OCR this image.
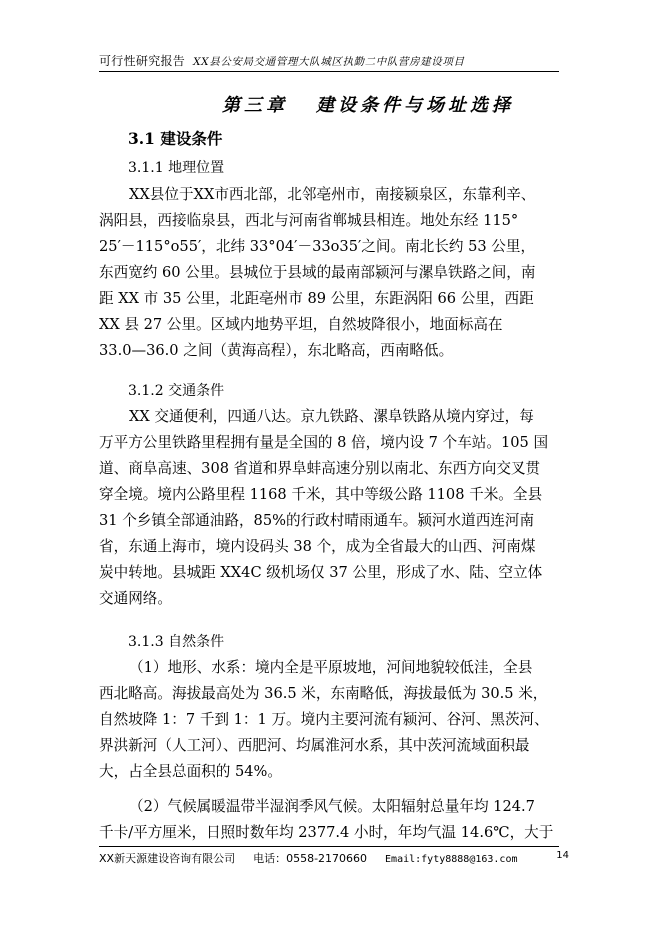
可行性研究报告 XX县公安局交通管理大队城区执勤二中队营房建设项目
第三章 建设条件与场址选择
3.1 建设条件
3.1.1 地理位置
XX县位于XX市西北部，北邻亳州市，南接颍泉区，东靠利辛、
涡阳县，西接临泉县，西北与河南省郸城县相连。地处东经 115°
25′－115°ο55′，北纬 33°04′－33ο35′之间。南北长约 53 公里，
东西宽约 60 公里。县城位于县域的最南部颍河与漯阜铁路之间，南
距 XX 市 35 公里，北距亳州市 89 公里，东距涡阳 66 公里，西距
XX 县 27 公里。区域内地势平坦，自然坡降很小，地面标高在
33.0—36.0 之间（黄海高程），东北略高，西南略低。
3.1.2 交通条件
XX 交通便利，四通八达。京九铁路、漯阜铁路从境内穿过，每
万平方公里铁路里程拥有量是全国的 8 倍，境内设 7 个车站。105 国
道、商阜高速、308 省道和界阜蚌高速分别以南北、东西方向交叉贯
穿全境。境内公路里程 1168 千米，其中等级公路 1108 千米。全县
31 个乡镇全部通油路，85%的行政村晴雨通车。颍河水道西连河南
省，东通上海市，境内设码头 38 个，成为全省最大的山西、河南煤
炭中转地。县城距 XX4C 级机场仅 37 公里，形成了水、陆、空立体
交通网络。
3.1.3 自然条件
（1）地形、水系：境内全是平原坡地，河间地貌较低洼，全县
西北略高。海拔最高处为 36.5 米，东南略低，海拔最低为 30.5 米，
自然坡降 1：7 千到 1：1 万。境内主要河流有颍河、谷河、黑茨河、
界洪新河（人工河）、西肥河、均属淮河水系，其中茨河流域面积最
大，占全县总面积的 54%。
（2）气候属暖温带半湿润季风气候。太阳辐射总量年均 124.7
千卡/平方厘米，日照时数年均 2377.4 小时，年均气温 14.6℃，大于
XX新天源建设咨询有限公司 电话：0558-2170660 Email:fyty8888@163.com	14
